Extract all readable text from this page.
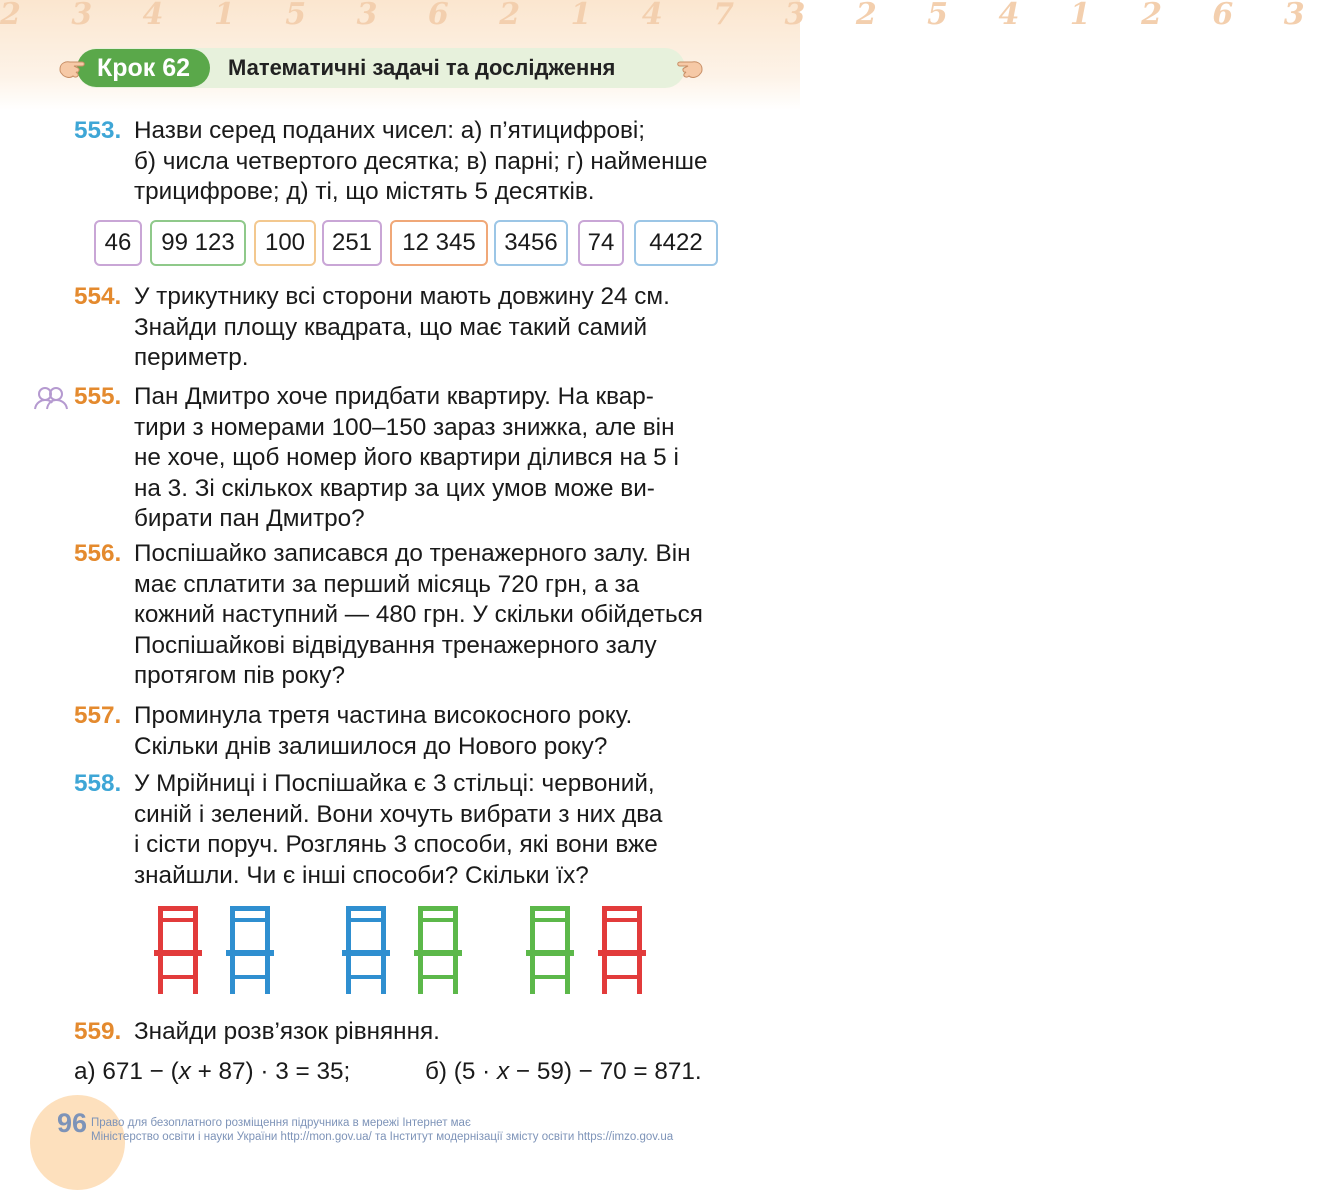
2 3 4 1 5 3 6 2 1 4 7 3 2 5 4 1 2 6 3
Крок 62	Математичні задачі та дослідження
553. Назви серед поданих чисел: а) п’ятицифрові;
б) числа четвертого десятка; в) парні; г) найменше
трицифрове; д) ті, що містять 5 десятків.
46	99 123	100	251	12 345	3456	74	4422
554. У трикутнику всі сторони мають довжину 24 см.
Знайди площу квадрата, що має такий самий
периметр.
555. Пан Дмитро хоче придбати квартиру. На квар-
тири з номерами 100–150 зараз знижка, але він
не хоче, щоб номер його квартири ділився на 5 і
на 3. Зі скількох квартир за цих умов може ви-
бирати пан Дмитро?
556. Поспішайко записався до тренажерного залу. Він
має сплатити за перший місяць 720 грн, а за
кожний наступний — 480 грн. У скільки обійдеться
Поспішайкові відвідування тренажерного залу
протягом пів року?
557. Проминула третя частина високосного року.
Скільки днів залишилося до Нового року?
558. У Мрійниці і Поспішайка є 3 стільці: червоний,
синій і зелений. Вони хочуть вибрати з них два
і сісти поруч. Розглянь 3 способи, які вони вже
знайшли. Чи є інші способи? Скільки їх?
559. Знайди розв’язок рівняння.
а) 671 − (x + 87) · 3 = 35;	б) (5 · x − 59) − 70 = 871.
96 Право для безоплатного розміщення підручника в мережі Інтернет має
Міністерство освіти і науки України http://mon.gov.ua/ та Інститут модернізації змісту освіти https://imzo.gov.ua
